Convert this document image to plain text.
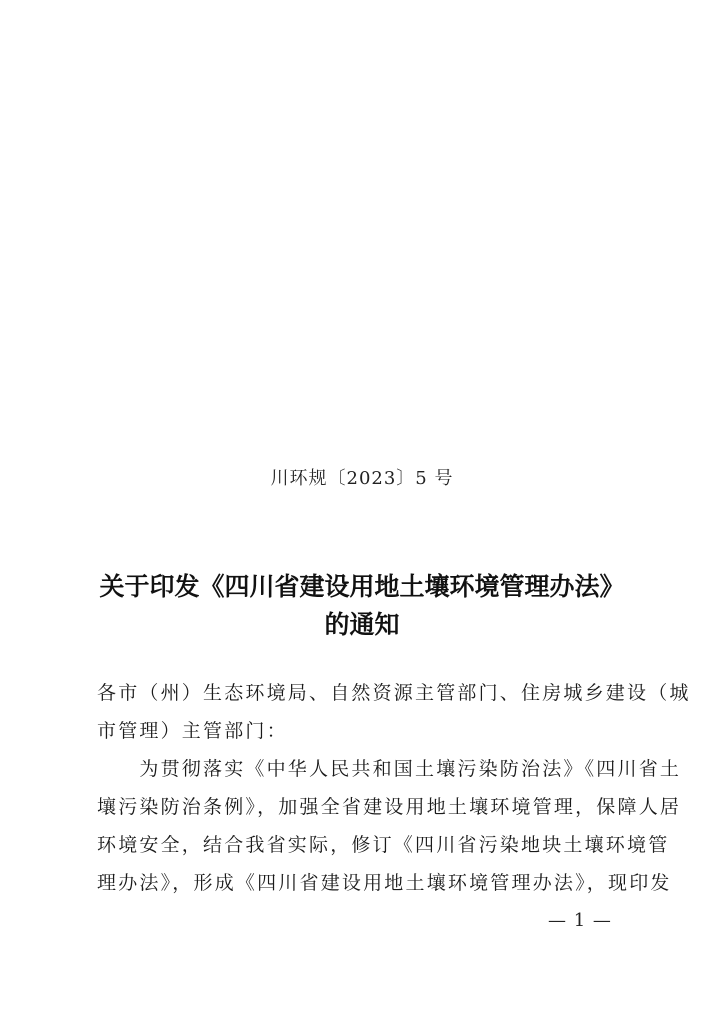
川环规〔2023〕5 号
关于印发《四川省建设用地土壤环境管理办法》
的通知
各市（州）生态环境局、自然资源主管部门、住房城乡建设（城
市管理）主管部门：
　　为贯彻落实《中华人民共和国土壤污染防治法》《四川省土
壤污染防治条例》，加强全省建设用地土壤环境管理，保障人居
环境安全，结合我省实际，修订《四川省污染地块土壤环境管
理办法》，形成《四川省建设用地土壤环境管理办法》，现印发
— 1 —
